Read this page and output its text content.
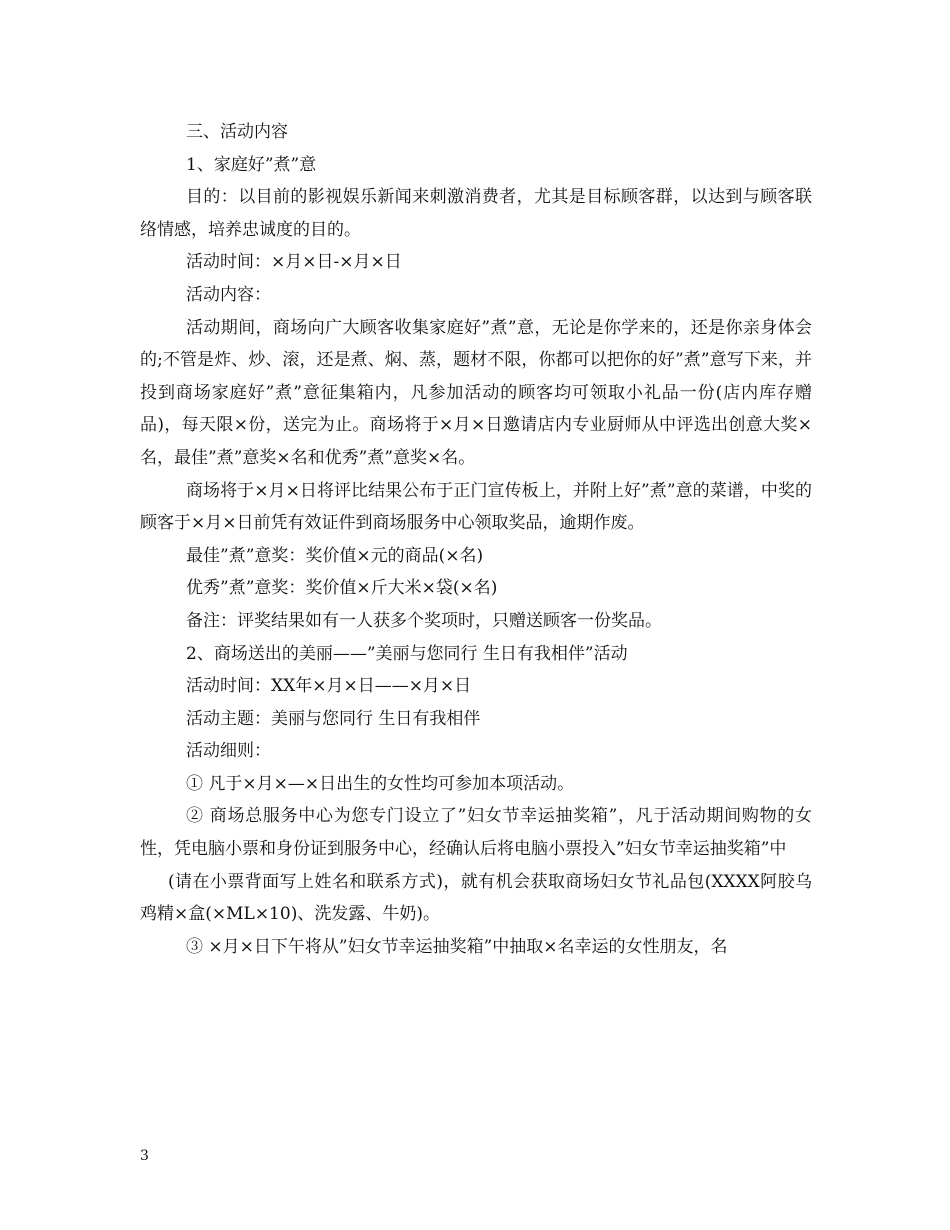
三、活动内容

1、家庭好”煮”意

目的：以目前的影视娱乐新闻来刺激消费者，尤其是目标顾客群，以达到与顾客联络情感，培养忠诚度的目的。

活动时间：×月×日-×月×日

活动内容：

活动期间，商场向广大顾客收集家庭好”煮”意，无论是你学来的，还是你亲身体会的;不管是炸、炒、滚，还是煮、焖、蒸，题材不限，你都可以把你的好”煮”意写下来，并投到商场家庭好”煮”意征集箱内，凡参加活动的顾客均可领取小礼品一份(店内库存赠品)，每天限×份，送完为止。商场将于×月×日邀请店内专业厨师从中评选出创意大奖×名，最佳”煮”意奖×名和优秀”煮”意奖×名。

商场将于×月×日将评比结果公布于正门宣传板上，并附上好”煮”意的菜谱，中奖的顾客于×月×日前凭有效证件到商场服务中心领取奖品，逾期作废。

最佳”煮”意奖：奖价值×元的商品(×名)

优秀”煮”意奖：奖价值×斤大米×袋(×名)

备注：评奖结果如有一人获多个奖项时，只赠送顾客一份奖品。

2、商场送出的美丽——”美丽与您同行 生日有我相伴”活动

活动时间：XX年×月×日——×月×日

活动主题：美丽与您同行 生日有我相伴

活动细则：

① 凡于×月×—×日出生的女性均可参加本项活动。

② 商场总服务中心为您专门设立了”妇女节幸运抽奖箱”，凡于活动期间购物的女性，凭电脑小票和身份证到服务中心，经确认后将电脑小票投入”妇女节幸运抽奖箱”中

(请在小票背面写上姓名和联系方式)，就有机会获取商场妇女节礼品包(XXXX阿胶乌鸡精×盒(×ML×10)、洗发露、牛奶)。

③ ×月×日下午将从”妇女节幸运抽奖箱”中抽取×名幸运的女性朋友，名

3
